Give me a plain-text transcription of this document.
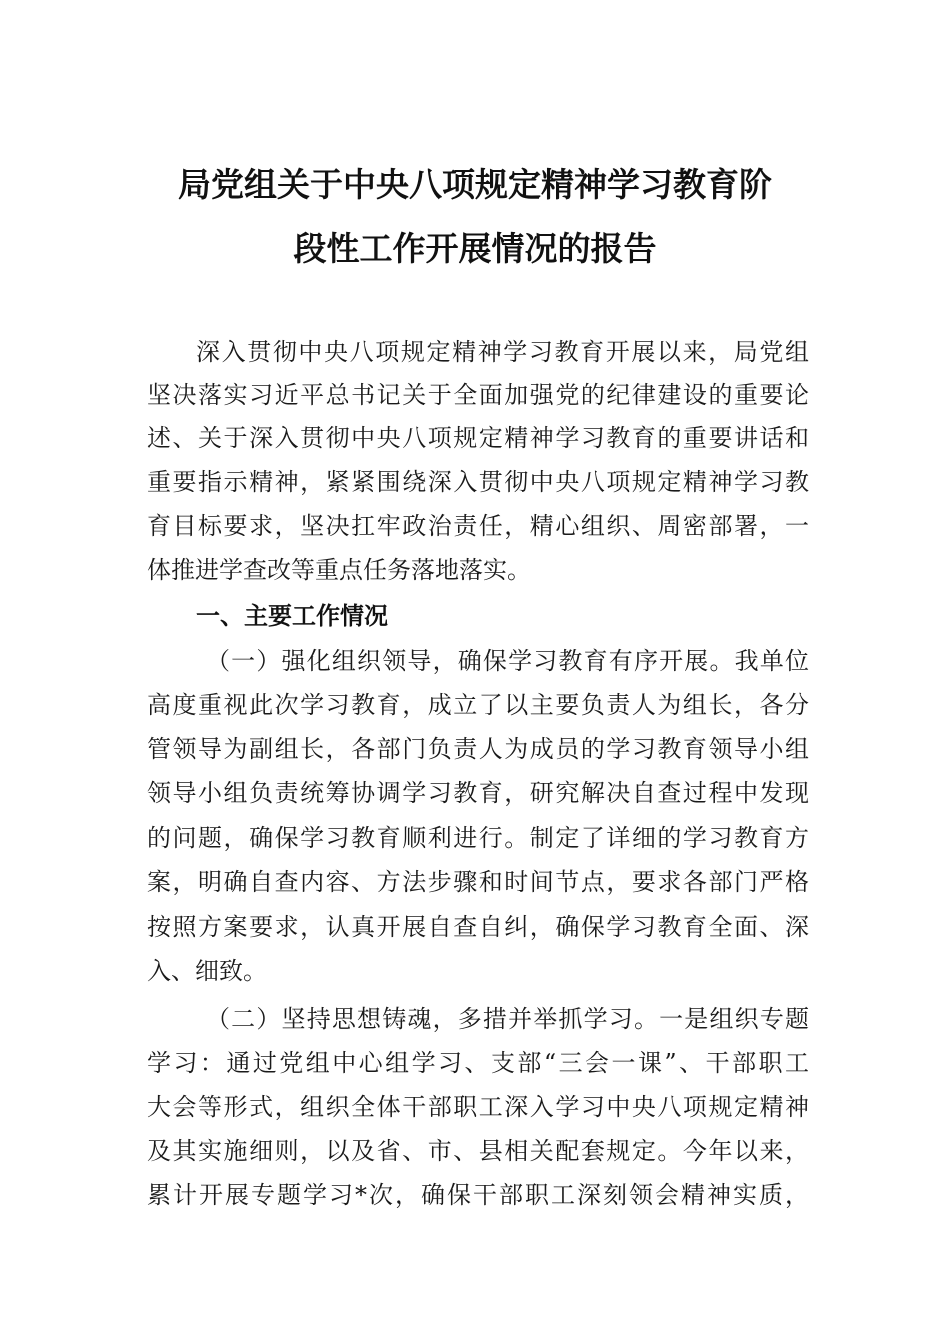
局党组关于中央八项规定精神学习教育阶
段性工作开展情况的报告
深入贯彻中央八项规定精神学习教育开展以来，局党组
坚决落实习近平总书记关于全面加强党的纪律建设的重要论
述、关于深入贯彻中央八项规定精神学习教育的重要讲话和
重要指示精神，紧紧围绕深入贯彻中央八项规定精神学习教
育目标要求，坚决扛牢政治责任，精心组织、周密部署，一
体推进学查改等重点任务落地落实。
一、主要工作情况
（一）强化组织领导，确保学习教育有序开展。我单位
高度重视此次学习教育，成立了以主要负责人为组长，各分
管领导为副组长，各部门负责人为成员的学习教育领导小组
领导小组负责统筹协调学习教育，研究解决自查过程中发现
的问题，确保学习教育顺利进行。制定了详细的学习教育方
案，明确自查内容、方法步骤和时间节点，要求各部门严格
按照方案要求，认真开展自查自纠，确保学习教育全面、深
入、细致。
（二）坚持思想铸魂，多措并举抓学习。一是组织专题
学习：通过党组中心组学习、支部“三会一课”、干部职工
大会等形式，组织全体干部职工深入学习中央八项规定精神
及其实施细则，以及省、市、县相关配套规定。今年以来，
累计开展专题学习*次，确保干部职工深刻领会精神实质，
